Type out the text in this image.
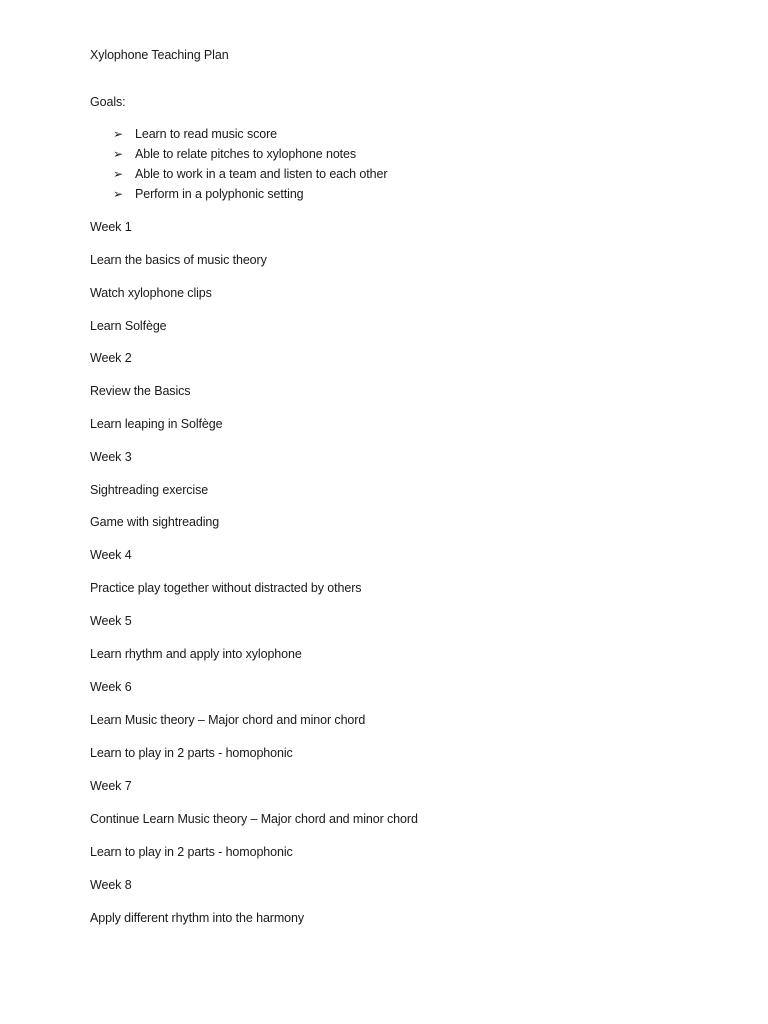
Xylophone Teaching Plan
Goals:
➢ Learn to read music score
➢ Able to relate pitches to xylophone notes
➢ Able to work in a team and listen to each other
➢ Perform in a polyphonic setting
Week 1
Learn the basics of music theory
Watch xylophone clips
Learn Solfège
Week 2
Review the Basics
Learn leaping in Solfège
Week 3
Sightreading exercise
Game with sightreading
Week 4
Practice play together without distracted by others
Week 5
Learn rhythm and apply into xylophone
Week 6
Learn Music theory – Major chord and minor chord
Learn to play in 2 parts - homophonic
Week 7
Continue Learn Music theory – Major chord and minor chord
Learn to play in 2 parts - homophonic
Week 8
Apply different rhythm into the harmony
